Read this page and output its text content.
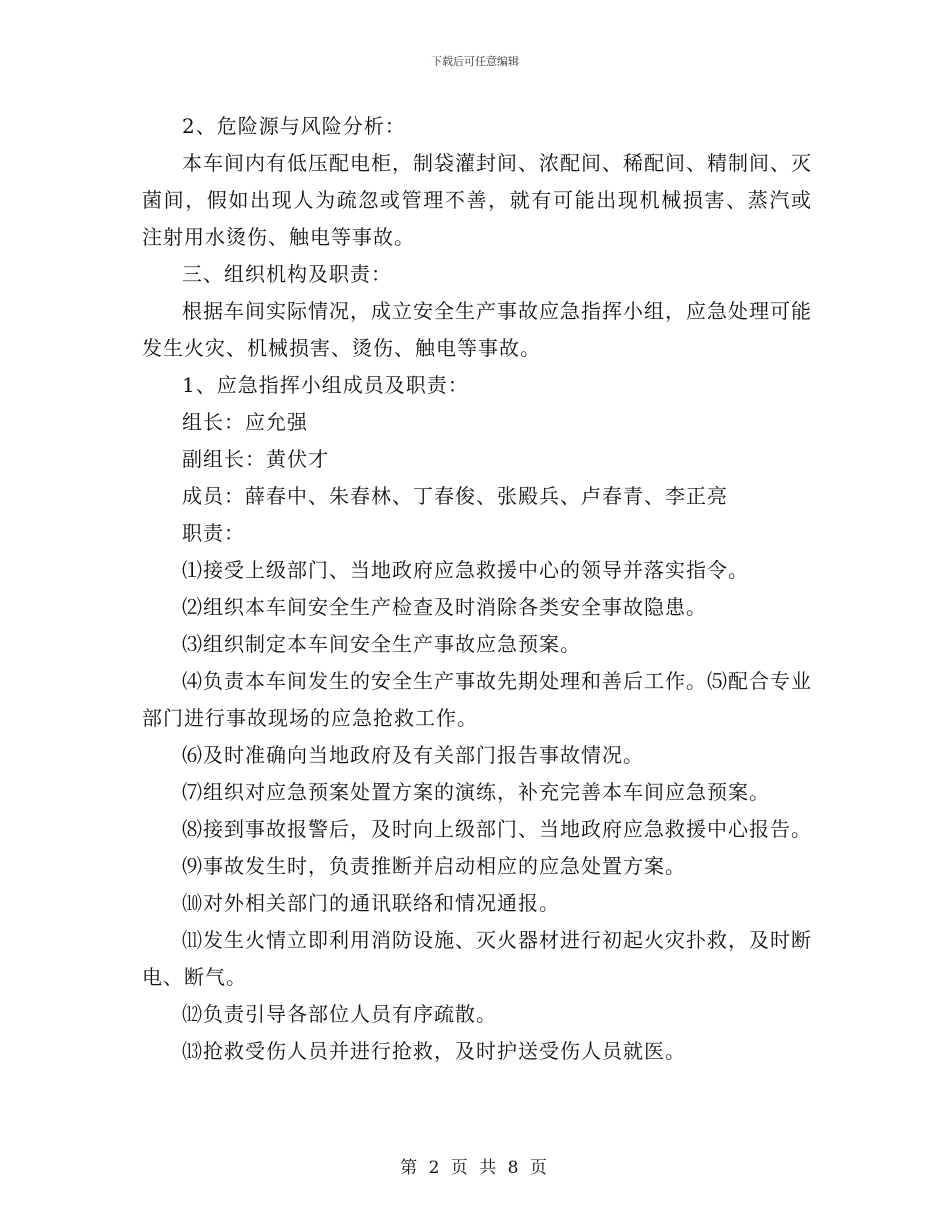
下载后可任意编辑

2、危险源与风险分析：

本车间内有低压配电柜，制袋灌封间、浓配间、稀配间、精制间、灭菌间，假如出现人为疏忽或管理不善，就有可能出现机械损害、蒸汽或注射用水烫伤、触电等事故。

三、组织机构及职责：

根据车间实际情况，成立安全生产事故应急指挥小组，应急处理可能发生火灾、机械损害、烫伤、触电等事故。

1、应急指挥小组成员及职责：

组长：应允强

副组长：黄伏才

成员：薛春中、朱春林、丁春俊、张殿兵、卢春青、李正亮

职责：

⑴接受上级部门、当地政府应急救援中心的领导并落实指令。

⑵组织本车间安全生产检查及时消除各类安全事故隐患。

⑶组织制定本车间安全生产事故应急预案。

⑷负责本车间发生的安全生产事故先期处理和善后工作。⑸配合专业部门进行事故现场的应急抢救工作。

⑹及时准确向当地政府及有关部门报告事故情况。

⑺组织对应急预案处置方案的演练，补充完善本车间应急预案。

⑻接到事故报警后，及时向上级部门、当地政府应急救援中心报告。

⑼事故发生时，负责推断并启动相应的应急处置方案。

⑽对外相关部门的通讯联络和情况通报。

⑾发生火情立即利用消防设施、灭火器材进行初起火灾扑救，及时断电、断气。

⑿负责引导各部位人员有序疏散。

⒀抢救受伤人员并进行抢救，及时护送受伤人员就医。

第 2 页 共 8 页
